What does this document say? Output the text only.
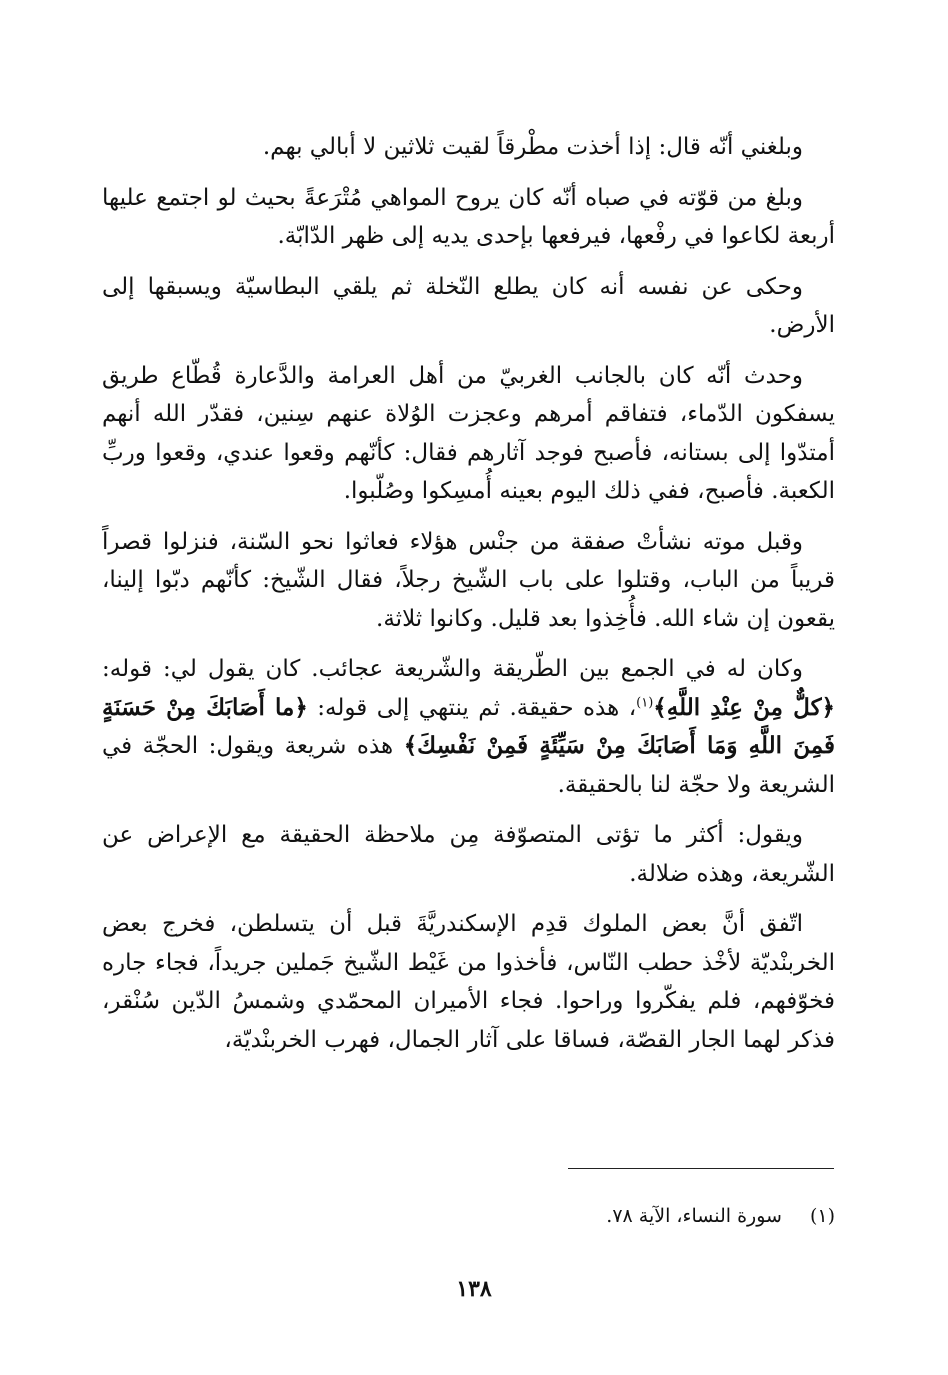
وبلغني أنّه قال: إذا أخذت مطْرقاً لقيت ثلاثين لا أبالي بهم.

وبلغ من قوّته في صباه أنّه كان يروح المواهي مُتْرَعةً بحيث لو اجتمع عليها أربعة لكاعوا في رفْعها، فيرفعها بإحدى يديه إلى ظهر الدّابّة.

وحكى عن نفسه أنه كان يطلع النّخلة ثم يلقي البطاسيّة ويسبقها إلى الأرض.

وحدث أنّه كان بالجانب الغربيّ من أهل العرامة والدَّعارة قُطّاع طريق يسفكون الدّماء، فتفاقم أمرهم وعجزت الوُلاة عنهم سِنين، فقدّر الله أنهم أمتدّوا إلى بستانه، فأصبح فوجد آثارهم فقال: كأنّهم وقعوا عندي، وقعوا وربِّ الكعبة. فأصبح، ففي ذلك اليوم بعينه أُمسِكوا وصُلّبوا.

وقبل موته نشأتْ صفقة من جنْس هؤلاء فعاثوا نحو السّنة، فنزلوا قصراً قريباً من الباب، وقتلوا على باب الشّيخ رجلاً، فقال الشّيخ: كأنّهم دبّوا إلينا، يقعون إن شاء الله. فأُخِذوا بعد قليل. وكانوا ثلاثة.

وكان له في الجمع بين الطّريقة والشّريعة عجائب. كان يقول لي: قوله: ﴿كلٌّ مِنْ عِنْدِ اللَّهِ﴾$^{(١)}$، هذه حقيقة. ثم ينتهي إلى قوله: ﴿ما أَصَابَكَ مِنْ حَسَنَةٍ فَمِنَ اللَّهِ وَمَا أَصَابَكَ مِنْ سَيِّئَةٍ فَمِنْ نَفْسِكَ﴾ هذه شريعة ويقول: الحجّة في الشريعة ولا حجّة لنا بالحقيقة.

ويقول: أكثر ما تؤتى المتصوّفة مِن ملاحظة الحقيقة مع الإعراض عن الشّريعة، وهذه ضلالة.

اتّفق أنَّ بعض الملوك قدِم الإسكندريَّةَ قبل أن يتسلطن، فخرج بعض الخربنْديّة لأخْذ حطب النّاس، فأخذوا من غَيْط الشّيخ جَملين جريداً، فجاء جاره فخوّفهم، فلم يفكّروا وراحوا. فجاء الأميران المحمّدي وشمسُ الدّين سُنْقر، فذكر لهما الجار القصّة، فساقا على آثار الجمال، فهرب الخربنْديّة،

(١)سورة النساء، الآية ٧٨.
١٣٨
